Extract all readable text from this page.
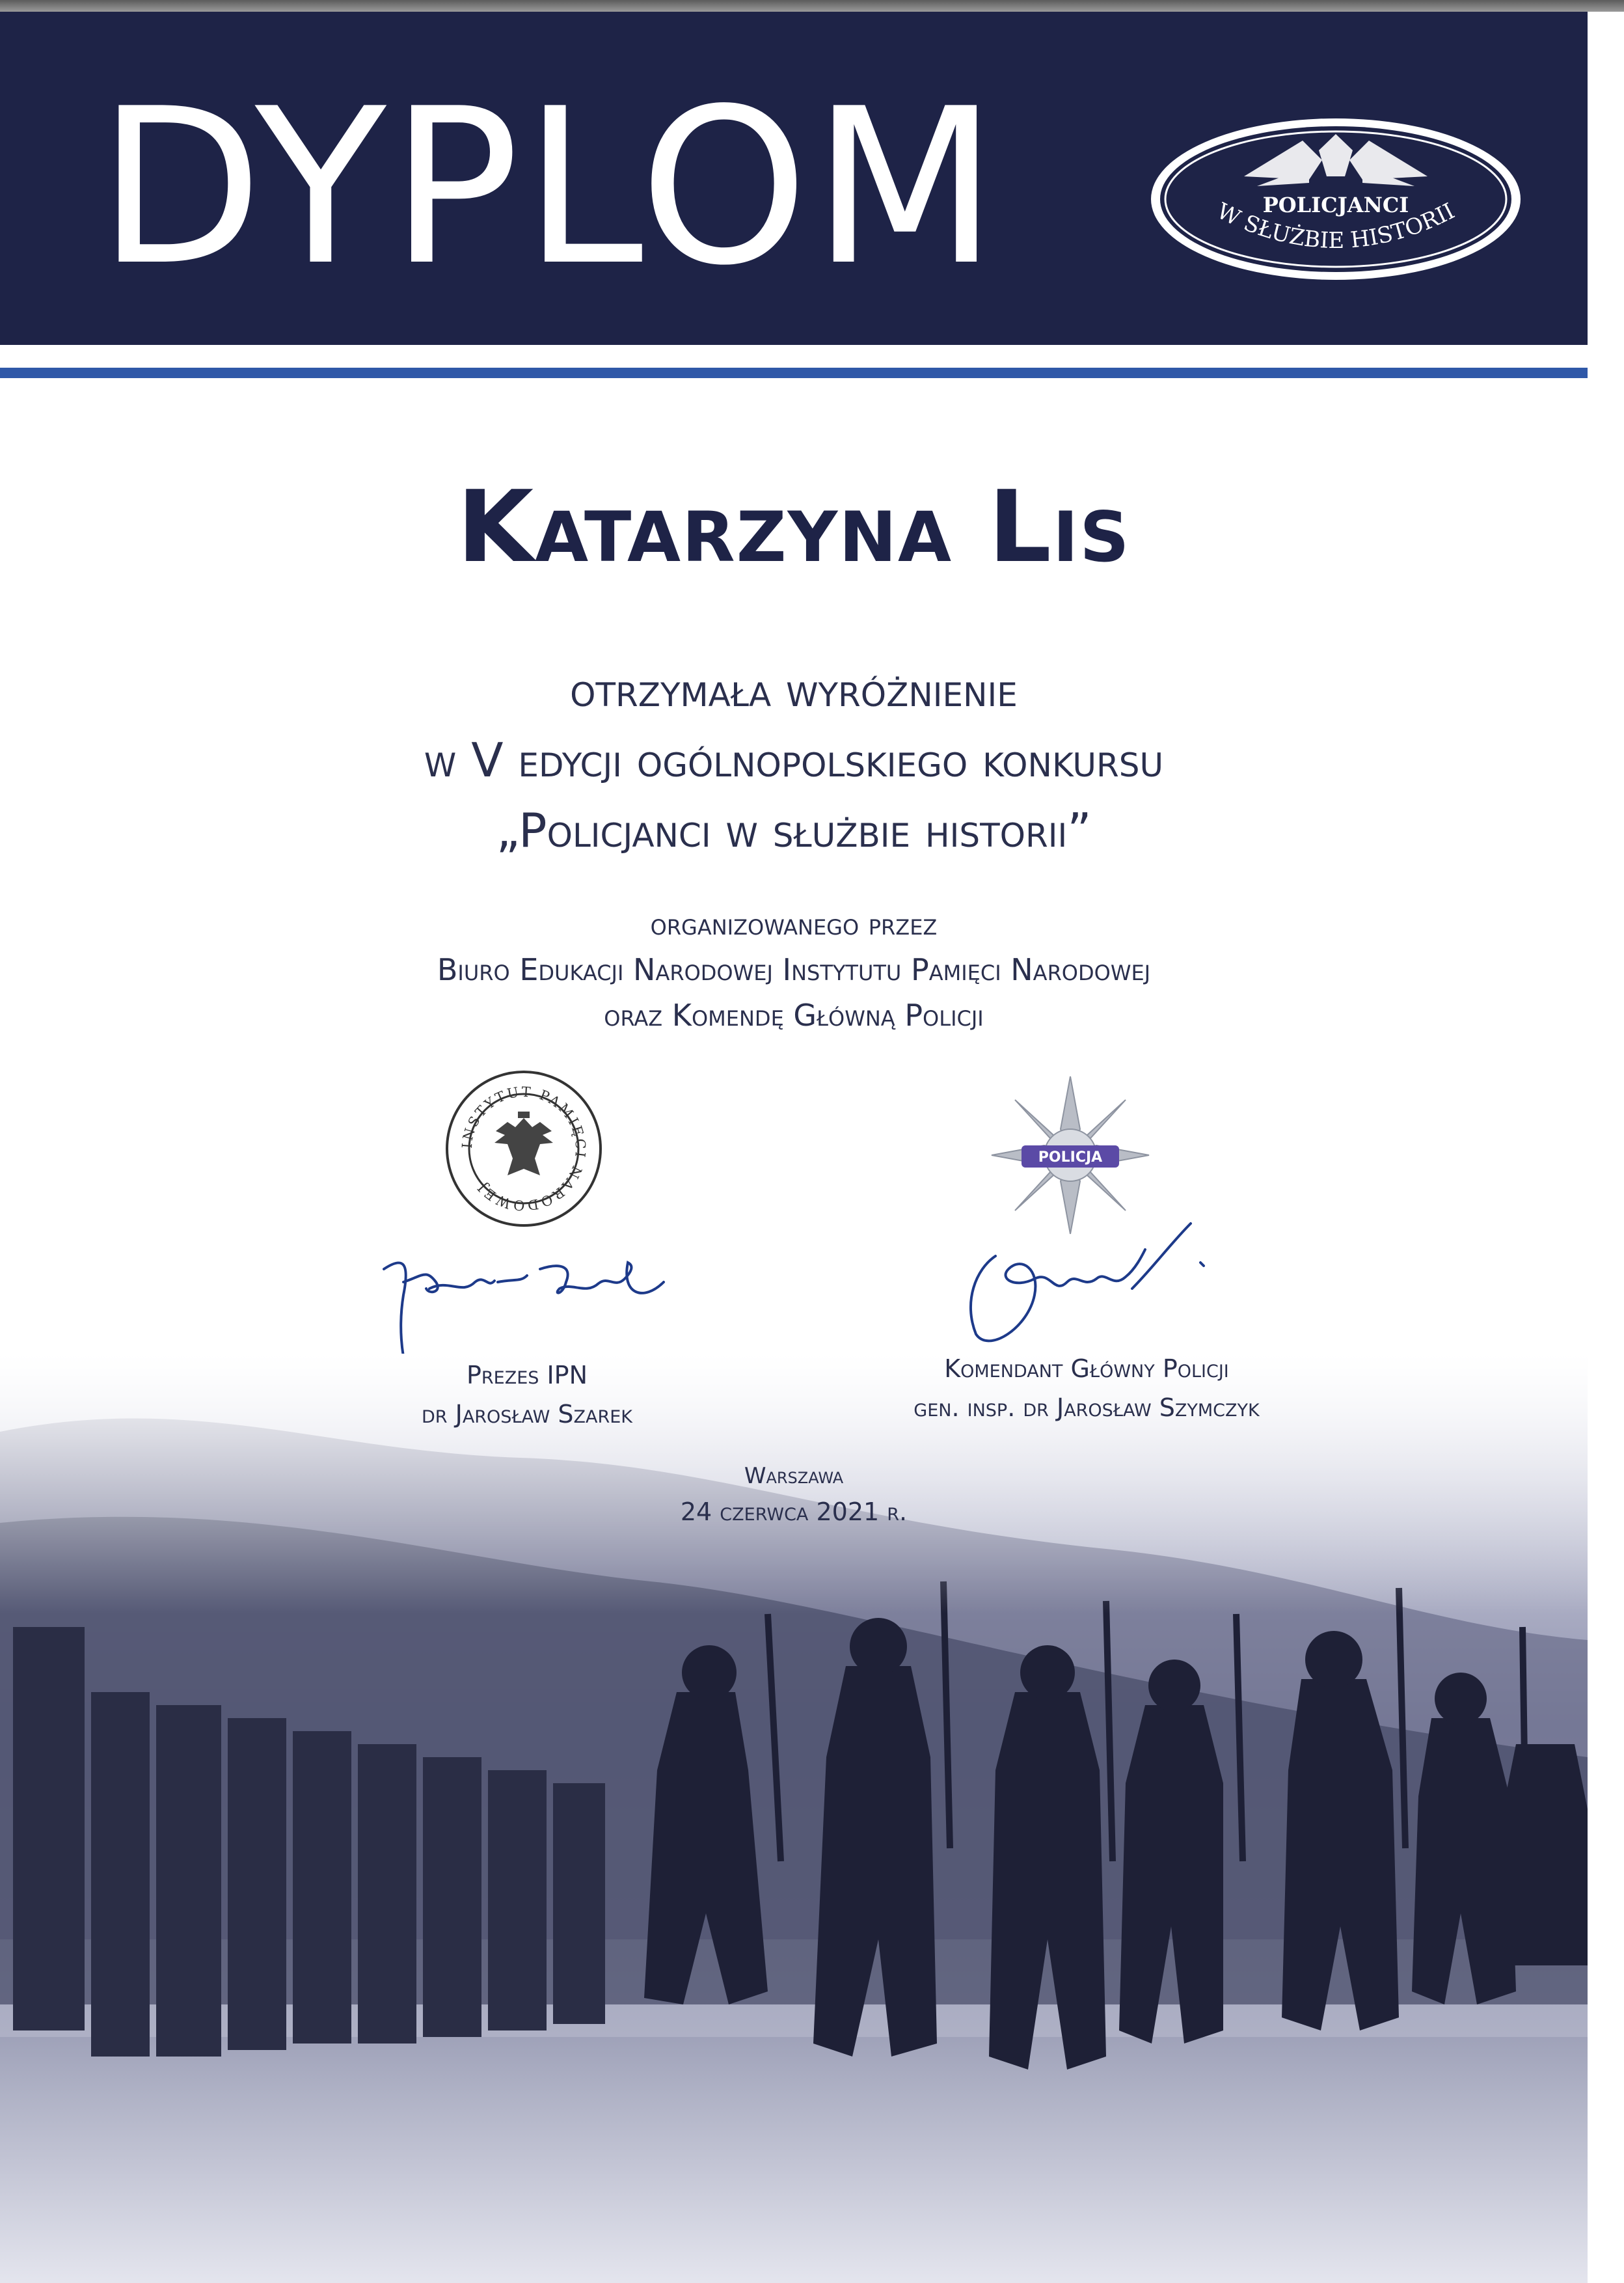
DYPLOM	POLICJANCI
W SŁUŻBIE HISTORII
Katarzyna Lis
otrzymała wyróżnienie
w V edycji ogólnopolskiego konkursu
„Policjanci w służbie historii”
organizowanego przez
Biuro Edukacji Narodowej Instytutu Pamięci Narodowej
oraz Komendę Główną Policji
INSTYTUT PAMIĘCI NARODOWEJ
POLICJA
Prezes IPN
dr Jarosław Szarek
Komendant Główny Policji
gen. insp. dr Jarosław Szymczyk
Warszawa
24 czerwca 2021 r.
